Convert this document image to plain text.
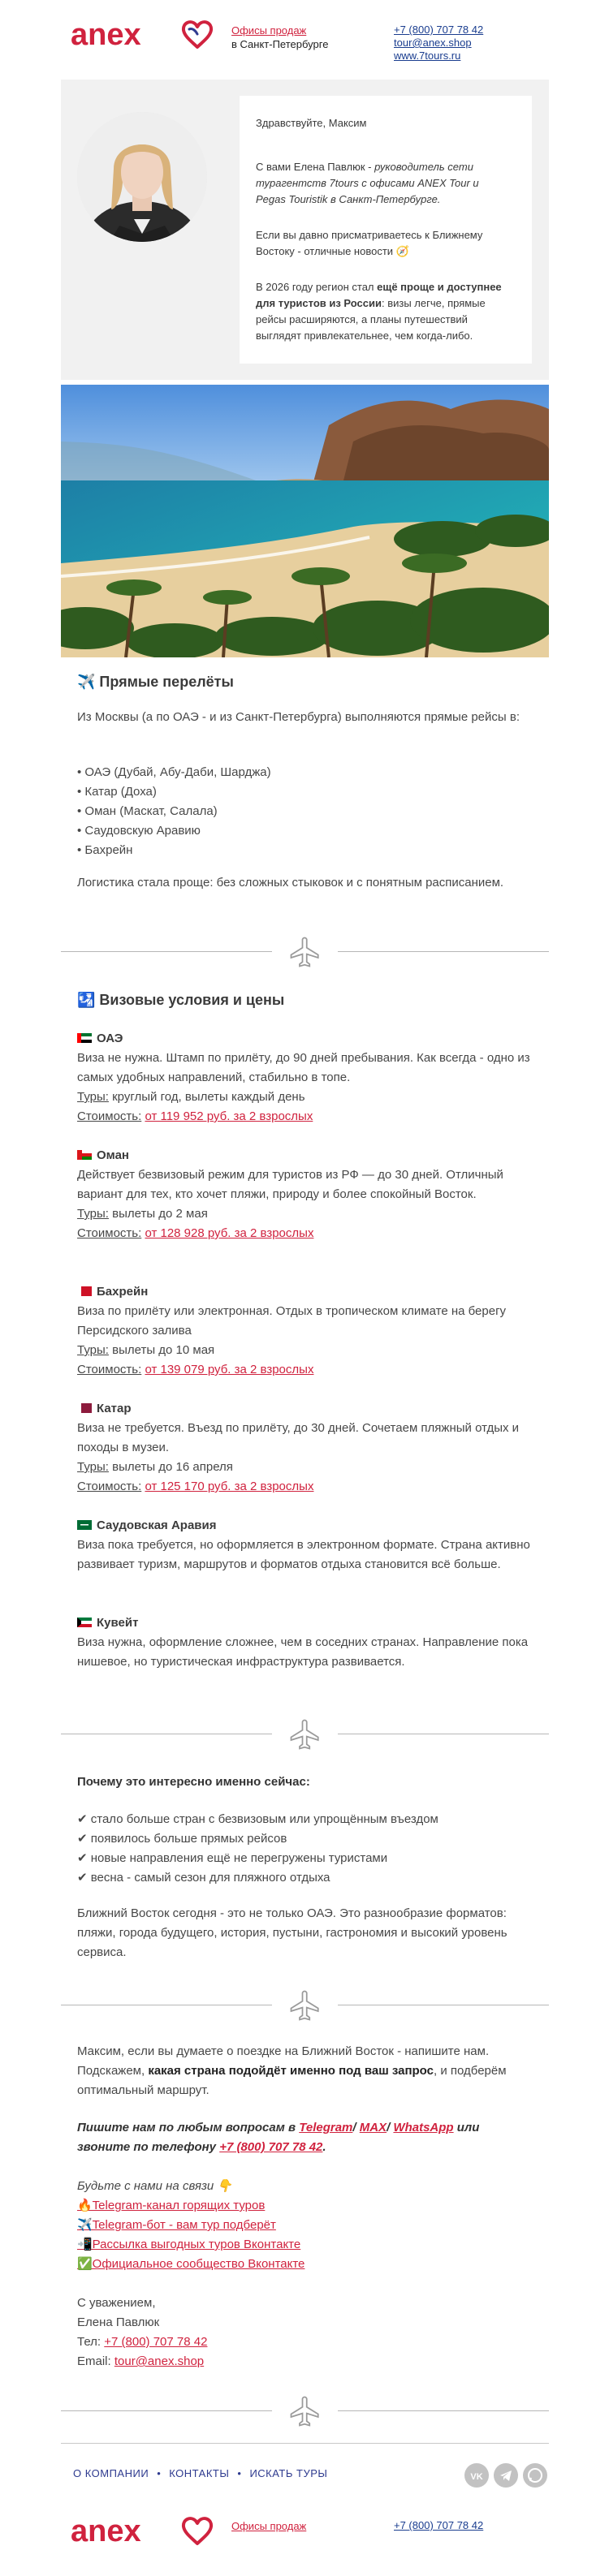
anex	Офисы продаж
в Санкт-Петербурге
+7 (800) 707 78 42
tour@anex.shop
www.7tours.ru

Здравствуйте, Максим

С вами Елена Павлюк - руководитель сети турагентств 7tours с офисами ANEX Tour и Pegas Touristik в Санкт-Петербурге.

Если вы давно присматриваетесь к Ближнему Востоку - отличные новости 🧭

В 2026 году регион стал ещё проще и доступнее для туристов из России: визы легче, прямые рейсы расширяются, а планы путешествий выглядят привлекательнее, чем когда-либо.

✈️ Прямые перелёты
Из Москвы (а по ОАЭ - и из Санкт-Петербурга) выполняются прямые рейсы в:
• ОАЭ (Дубай, Абу-Даби, Шарджа)
• Катар (Доха)
• Оман (Маскат, Салала)
• Саудовскую Аравию
• Бахрейн
Логистика стала проще: без сложных стыковок и с понятным расписанием.
🛂 Визовые условия и цены
ОАЭ
Виза не нужна. Штамп по прилёту, до 90 дней пребывания. Как всегда - одно из самых удобных направлений, стабильно в топе.
Туры: круглый год, вылеты каждый день
Стоимость: от 119 952 руб. за 2 взрослых
Оман
Действует безвизовый режим для туристов из РФ — до 30 дней. Отличный вариант для тех, кто хочет пляжи, природу и более спокойный Восток.
Туры: вылеты до 2 мая
Стоимость: от 128 928 руб. за 2 взрослых
Бахрейн
Виза по прилёту или электронная. Отдых в тропическом климате на берегу Персидского залива
Туры: вылеты до 10 мая
Стоимость: от 139 079 руб. за 2 взрослых
Катар
Виза не требуется. Въезд по прилёту, до 30 дней. Сочетаем пляжный отдых и походы в музеи.
Туры: вылеты до 16 апреля
Стоимость: от 125 170 руб. за 2 взрослых
Саудовская Аравия
Виза пока требуется, но оформляется в электронном формате. Страна активно развивает туризм, маршрутов и форматов отдыха становится всё больше.
Кувейт
Виза нужна, оформление сложнее, чем в соседних странах. Направление пока нишевое, но туристическая инфраструктура развивается.
Почему это интересно именно сейчас:
✔ стало больше стран с безвизовым или упрощённым въездом
✔ появилось больше прямых рейсов
✔ новые направления ещё не перегружены туристами
✔ весна - самый сезон для пляжного отдыха
Ближний Восток сегодня - это не только ОАЭ. Это разнообразие форматов: пляжи, города будущего, история, пустыни, гастрономия и высокий уровень сервиса.
Максим, если вы думаете о поездке на Ближний Восток - напишите нам. Подскажем, какая страна подойдёт именно под ваш запрос, и подберём оптимальный маршрут.
Пишите нам по любым вопросам в Telegram/ MAX/ WhatsApp или звоните по телефону +7 (800) 707 78 42.
Будьте с нами на связи 👇
🔥Telegram-канал горящих туров
✈️Telegram-бот - вам тур подберёт
📲Рассылка выгодных туров Вконтакте
✅Официальное сообщество Вконтакте
С уважением,
Елена Павлюк
Тел: +7 (800) 707 78 42
Email: tour@anex.shop
О КОМПАНИИ • КОНТАКТЫ • ИСКАТЬ ТУРЫ	VK
anex	Офисы продаж	+7 (800) 707 78 42
